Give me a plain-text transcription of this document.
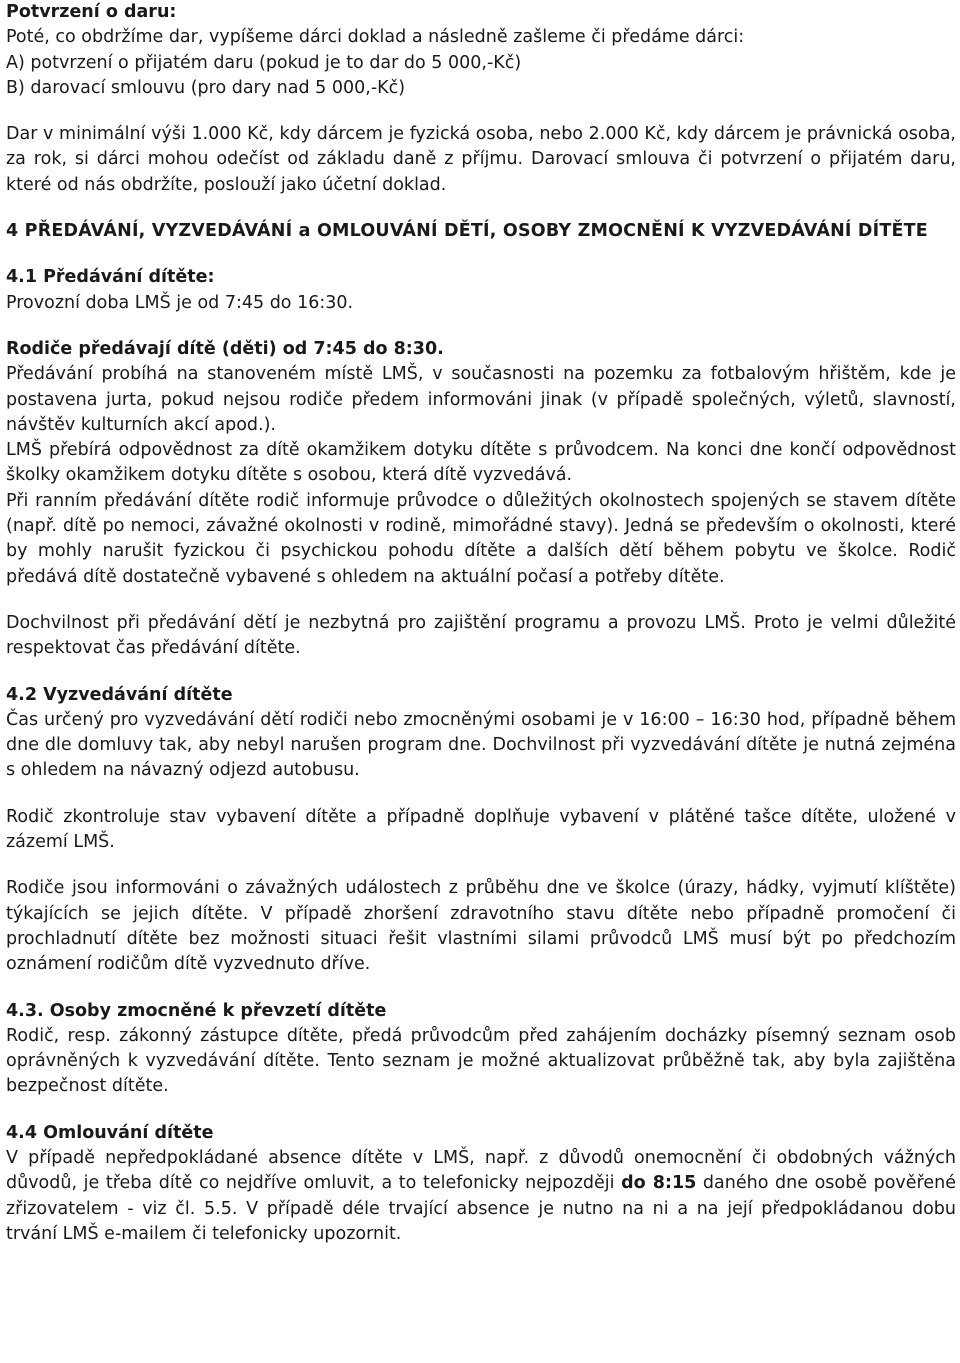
Potvrzení o daru:

Poté, co obdržíme dar, vypíšeme dárci doklad a následně zašleme či předáme dárci:

A) potvrzení o přijatém daru (pokud je to dar do 5 000,-Kč)

B) darovací smlouvu (pro dary nad 5 000,-Kč)

Dar v minimální výši 1.000 Kč, kdy dárcem je fyzická osoba, nebo 2.000 Kč, kdy dárcem je právnická osoba, za rok, si dárci mohou odečíst od základu daně z příjmu. Darovací smlouva či potvrzení o přijatém daru, které od nás obdržíte, poslouží jako účetní doklad.

4 PŘEDÁVÁNÍ, VYZVEDÁVÁNÍ a OMLOUVÁNÍ DĚTÍ, OSOBY ZMOCNĚNÍ K VYZVEDÁVÁNÍ DÍTĚTE

4.1 Předávání dítěte:

Provozní doba LMŠ je od 7:45 do 16:30.

Rodiče předávají dítě (děti) od 7:45 do 8:30.

Předávání probíhá na stanoveném místě LMŠ, v současnosti na pozemku za fotbalovým hřištěm, kde je postavena jurta, pokud nejsou rodiče předem informováni jinak (v případě společných, výletů, slavností, návštěv kulturních akcí apod.).

LMŠ přebírá odpovědnost za dítě okamžikem dotyku dítěte s průvodcem. Na konci dne končí odpovědnost školky okamžikem dotyku dítěte s osobou, která dítě vyzvedává.

Při ranním předávání dítěte rodič informuje průvodce o důležitých okolnostech spojených se stavem dítěte (např. dítě po nemoci, závažné okolnosti v rodině, mimořádné stavy). Jedná se především o okolnosti, které by mohly narušit fyzickou či psychickou pohodu dítěte a dalších dětí během pobytu ve školce. Rodič předává dítě dostatečně vybavené s ohledem na aktuální počasí a potřeby dítěte.

Dochvilnost při předávání dětí je nezbytná pro zajištění programu a provozu LMŠ. Proto je velmi důležité respektovat čas předávání dítěte.

4.2 Vyzvedávání dítěte

Čas určený pro vyzvedávání dětí rodiči nebo zmocněnými osobami je v 16:00 – 16:30 hod, případně během dne dle domluvy tak, aby nebyl narušen program dne. Dochvilnost při vyzvedávání dítěte je nutná zejména s ohledem na návazný odjezd autobusu.

Rodič zkontroluje stav vybavení dítěte a případně doplňuje vybavení v plátěné tašce dítěte, uložené v zázemí LMŠ.

Rodiče jsou informováni o závažných událostech z průběhu dne ve školce (úrazy, hádky, vyjmutí klíštěte) týkajících se jejich dítěte. V případě zhoršení zdravotního stavu dítěte nebo případně promočení či prochladnutí dítěte bez možnosti situaci řešit vlastními silami průvodců LMŠ musí být po předchozím oznámení rodičům dítě vyzvednuto dříve.

4.3. Osoby zmocněné k převzetí dítěte

Rodič, resp. zákonný zástupce dítěte, předá průvodcům před zahájením docházky písemný seznam osob oprávněných k vyzvedávání dítěte. Tento seznam je možné aktualizovat průběžně tak, aby byla zajištěna bezpečnost dítěte.

4.4 Omlouvání dítěte

V případě nepředpokládané absence dítěte v LMŠ, např. z důvodů onemocnění či obdobných vážných důvodů, je třeba dítě co nejdříve omluvit, a to telefonicky nejpozději do 8:15 daného dne osobě pověřené zřizovatelem - viz čl. 5.5. V případě déle trvající absence je nutno na ni a na její předpokládanou dobu trvání LMŠ e-mailem či telefonicky upozornit.
